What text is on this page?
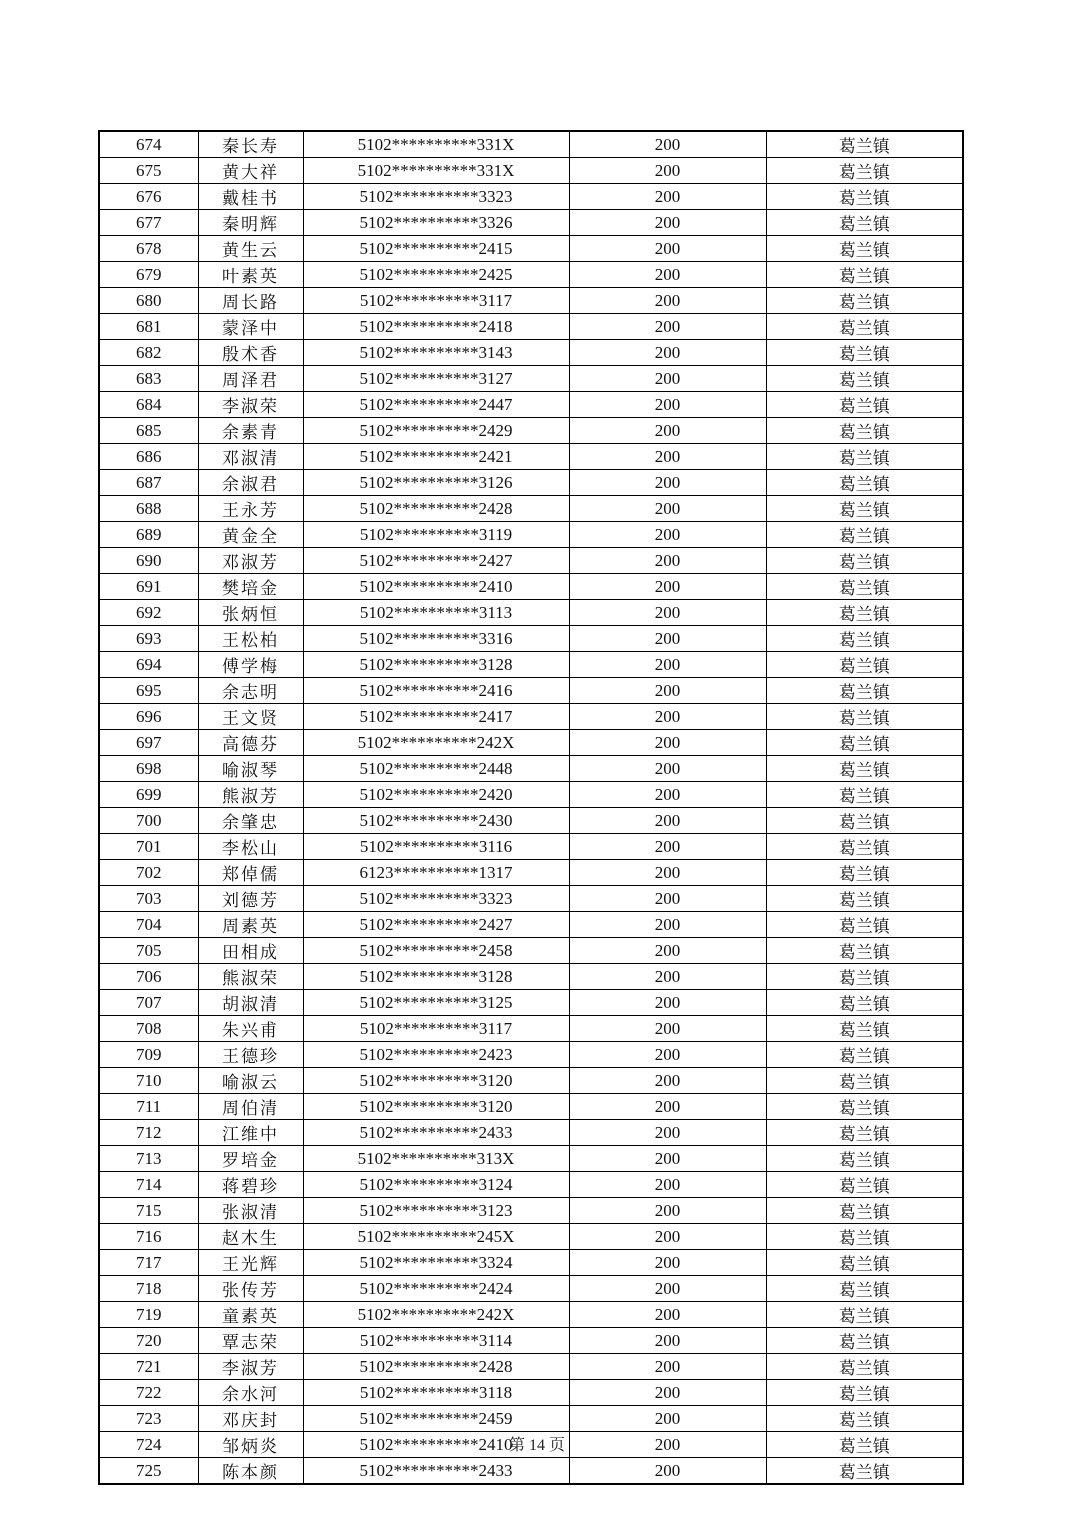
674	秦长寿	5102**********331X	200	葛兰镇
675	黄大祥	5102**********331X	200	葛兰镇
676	戴桂书	5102**********3323	200	葛兰镇
677	秦明辉	5102**********3326	200	葛兰镇
678	黄生云	5102**********2415	200	葛兰镇
679	叶素英	5102**********2425	200	葛兰镇
680	周长路	5102**********3117	200	葛兰镇
681	蒙泽中	5102**********2418	200	葛兰镇
682	殷术香	5102**********3143	200	葛兰镇
683	周泽君	5102**********3127	200	葛兰镇
684	李淑荣	5102**********2447	200	葛兰镇
685	余素青	5102**********2429	200	葛兰镇
686	邓淑清	5102**********2421	200	葛兰镇
687	余淑君	5102**********3126	200	葛兰镇
688	王永芳	5102**********2428	200	葛兰镇
689	黄金全	5102**********3119	200	葛兰镇
690	邓淑芳	5102**********2427	200	葛兰镇
691	樊培金	5102**********2410	200	葛兰镇
692	张炳恒	5102**********3113	200	葛兰镇
693	王松柏	5102**********3316	200	葛兰镇
694	傅学梅	5102**********3128	200	葛兰镇
695	余志明	5102**********2416	200	葛兰镇
696	王文贤	5102**********2417	200	葛兰镇
697	高德芬	5102**********242X	200	葛兰镇
698	喻淑琴	5102**********2448	200	葛兰镇
699	熊淑芳	5102**********2420	200	葛兰镇
700	余肇忠	5102**********2430	200	葛兰镇
701	李松山	5102**********3116	200	葛兰镇
702	郑倬儒	6123**********1317	200	葛兰镇
703	刘德芳	5102**********3323	200	葛兰镇
704	周素英	5102**********2427	200	葛兰镇
705	田相成	5102**********2458	200	葛兰镇
706	熊淑荣	5102**********3128	200	葛兰镇
707	胡淑清	5102**********3125	200	葛兰镇
708	朱兴甫	5102**********3117	200	葛兰镇
709	王德珍	5102**********2423	200	葛兰镇
710	喻淑云	5102**********3120	200	葛兰镇
711	周伯清	5102**********3120	200	葛兰镇
712	江维中	5102**********2433	200	葛兰镇
713	罗培金	5102**********313X	200	葛兰镇
714	蒋碧珍	5102**********3124	200	葛兰镇
715	张淑清	5102**********3123	200	葛兰镇
716	赵木生	5102**********245X	200	葛兰镇
717	王光辉	5102**********3324	200	葛兰镇
718	张传芳	5102**********2424	200	葛兰镇
719	童素英	5102**********242X	200	葛兰镇
720	覃志荣	5102**********3114	200	葛兰镇
721	李淑芳	5102**********2428	200	葛兰镇
722	余水河	5102**********3118	200	葛兰镇
723	邓庆封	5102**********2459	200	葛兰镇
724	邹炳炎	5102**********2410	200	葛兰镇
725	陈本颜	5102**********2433	200	葛兰镇
第 14 页
